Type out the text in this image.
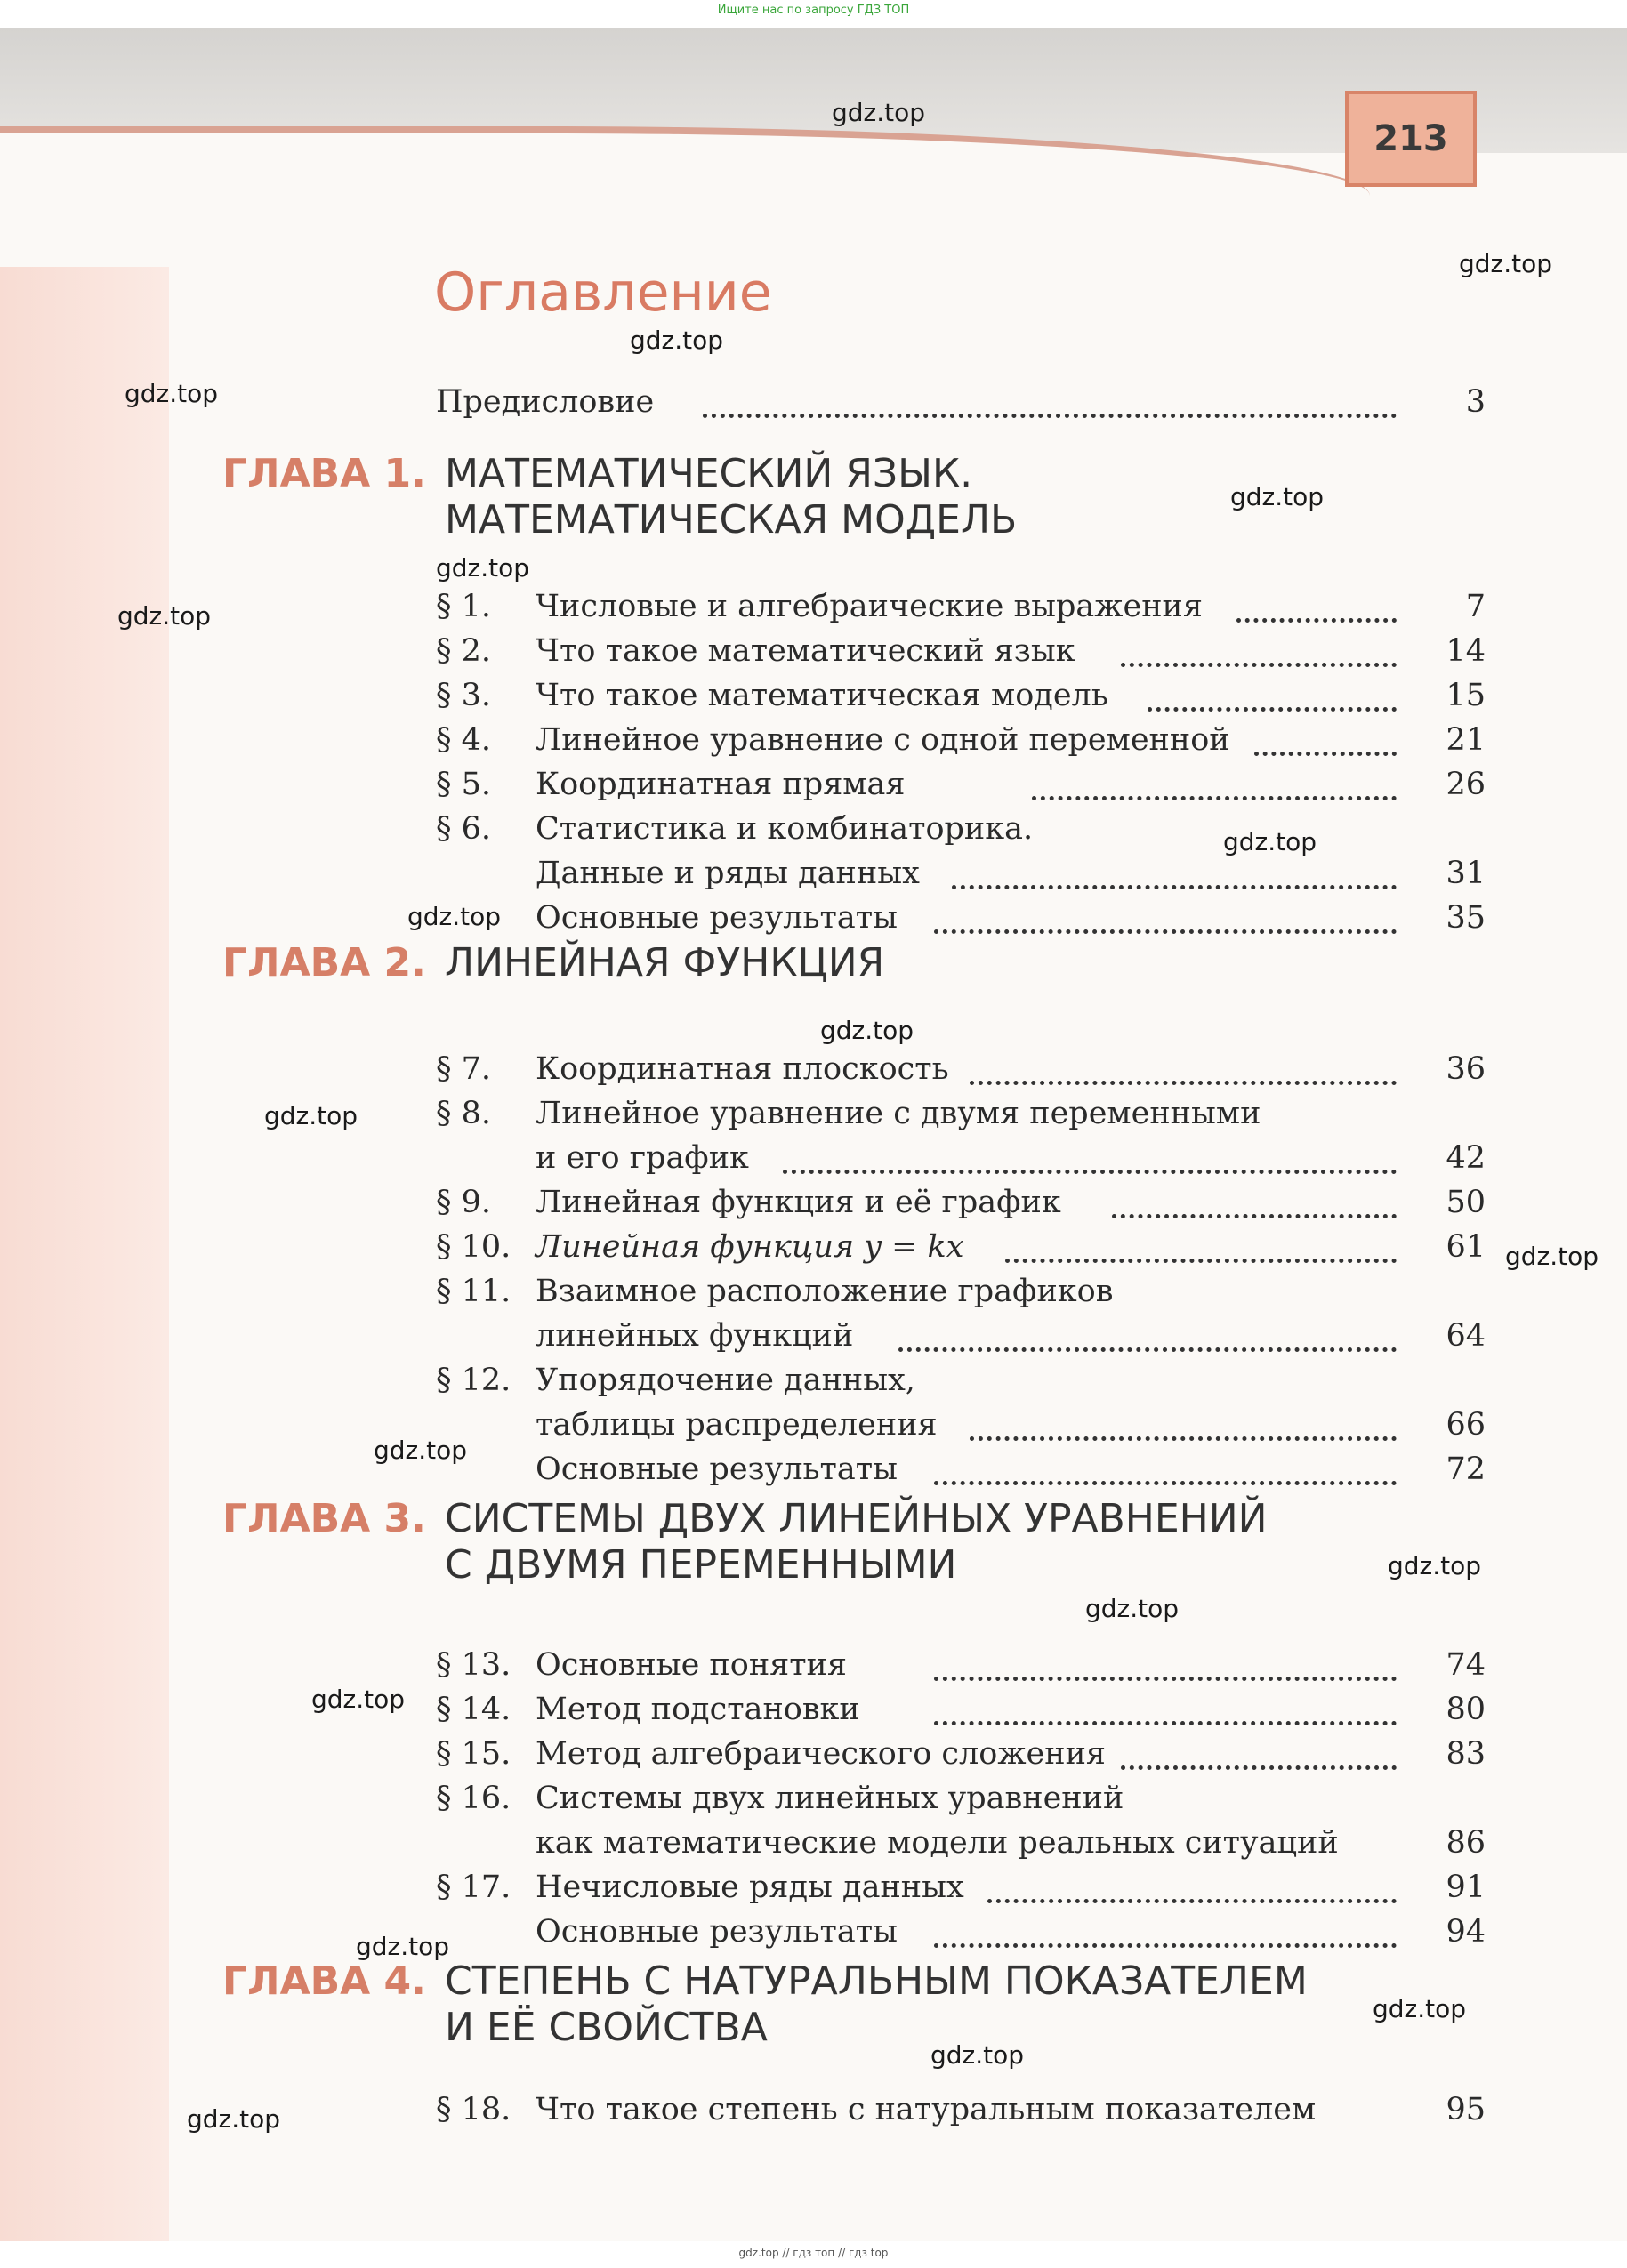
Ищите нас по запросу ГДЗ ТОП
213
Оглавление
Предисловие	3
ГЛАВА 1. МАТЕМАТИЧЕСКИЙ ЯЗЫК.
МАТЕМАТИЧЕСКАЯ МОДЕЛЬ
§ 1. Числовые и алгебраические выражения	7
§ 2. Что такое математический язык	14
§ 3. Что такое математическая модель	15
§ 4. Линейное уравнение с одной переменной	21
§ 5. Координатная прямая	26
§ 6. Статистика и комбинаторика.
Данные и ряды данных	31
Основные результаты	35
ГЛАВА 2. ЛИНЕЙНАЯ ФУНКЦИЯ
§ 7. Координатная плоскость	36
§ 8. Линейное уравнение с двумя переменными
и его график	42
§ 9. Линейная функция и её график	50
§ 10. Линейная функция y = kx	61
§ 11. Взаимное расположение графиков
линейных функций	64
§ 12. Упорядочение данных,
таблицы распределения	66
Основные результаты	72
ГЛАВА 3. СИСТЕМЫ ДВУХ ЛИНЕЙНЫХ УРАВНЕНИЙ
С ДВУМЯ ПЕРЕМЕННЫМИ
§ 13. Основные понятия	74
§ 14. Метод подстановки	80
§ 15. Метод алгебраического сложения	83
§ 16. Системы двух линейных уравнений
как математические модели реальных ситуаций	86
§ 17. Нечисловые ряды данных	91
Основные результаты	94
ГЛАВА 4. СТЕПЕНЬ С НАТУРАЛЬНЫМ ПОКАЗАТЕЛЕМ
И ЕЁ СВОЙСТВА
§ 18. Что такое степень с натуральным показателем	95
gdz.top
gdz.top
gdz.top
gdz.top
gdz.top
gdz.top
gdz.top
gdz.top
gdz.top
gdz.top
gdz.top
gdz.top
gdz.top
gdz.top
gdz.top
gdz.top
gdz.top
gdz.top
gdz.top
gdz.top
gdz.top // гдз топ // гдз top
